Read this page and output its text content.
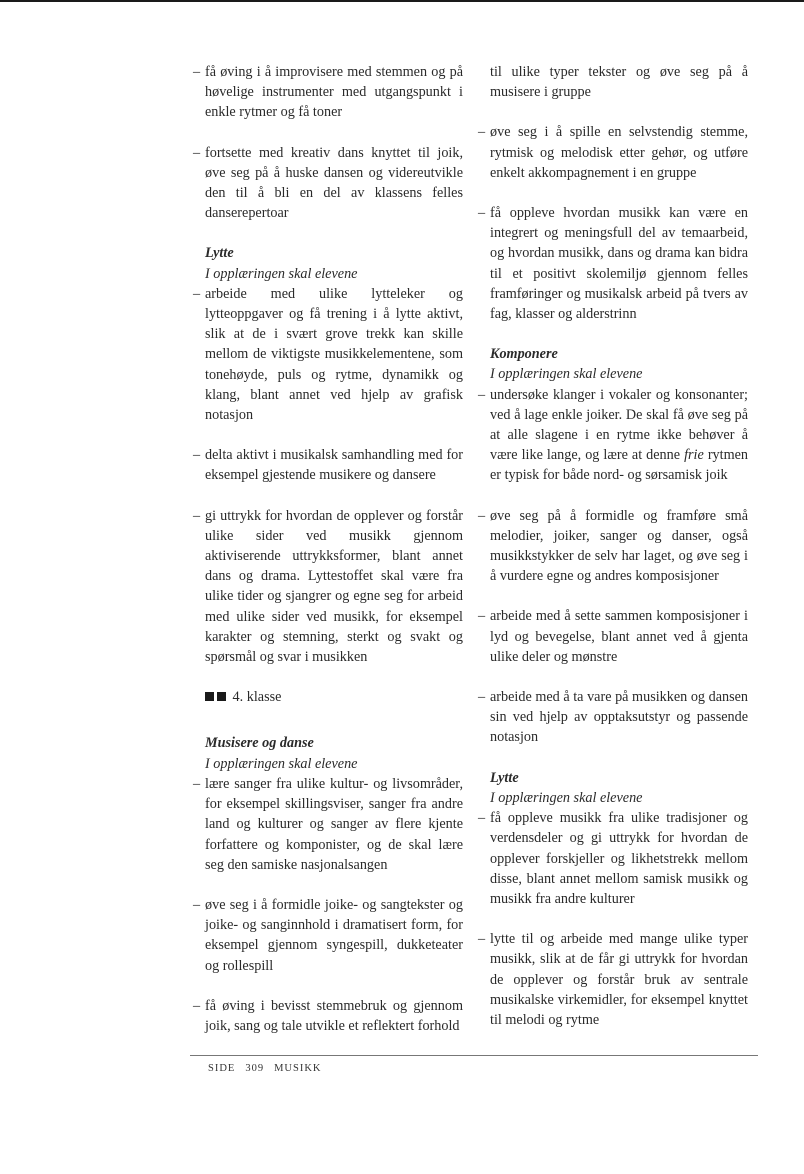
– få øving i å improvisere med stemmen og på høvelige instrumenter med utgangspunkt i enkle rytmer og få toner
– fortsette med kreativ dans knyttet til joik, øve seg på å huske dansen og videreutvikle den til å bli en del av klassens felles danserepertoar
Lytte
I opplæringen skal elevene
– arbeide med ulike lytteleker og lytteoppgaver og få trening i å lytte aktivt, slik at de i svært grove trekk kan skille mellom de viktigste musikkelementene, som tonehøyde, puls og rytme, dynamikk og klang, blant annet ved hjelp av grafisk notasjon
– delta aktivt i musikalsk samhandling med for eksempel gjestende musikere og dansere
– gi uttrykk for hvordan de opplever og forstår ulike sider ved musikk gjennom aktiviserende uttrykksformer, blant annet dans og drama. Lyttestoffet skal være fra ulike tider og sjangrer og egne seg for arbeid med ulike sider ved musikk, for eksempel karakter og stemning, sterkt og svakt og spørsmål og svar i musikken
4. klasse
Musisere og danse
I opplæringen skal elevene
– lære sanger fra ulike kultur- og livsområder, for eksempel skillingsviser, sanger fra andre land og kulturer og sanger av flere kjente forfattere og komponister, og de skal lære seg den samiske nasjonalsangen
– øve seg i å formidle joike- og sangtekster og joike- og sanginnhold i dramatisert form, for eksempel gjennom syngespill, dukketeater og rollespill
– få øving i bevisst stemmebruk og gjennom joik, sang og tale utvikle et reflektert forhold
til ulike typer tekster og øve seg på å musisere i gruppe
– øve seg i å spille en selvstendig stemme, rytmisk og melodisk etter gehør, og utføre enkelt akkompagnement i en gruppe
– få oppleve hvordan musikk kan være en integrert og meningsfull del av temaarbeid, og hvordan musikk, dans og drama kan bidra til et positivt skolemiljø gjennom felles framføringer og musikalsk arbeid på tvers av fag, klasser og alderstrinn
Komponere
I opplæringen skal elevene
– undersøke klanger i vokaler og konsonanter; ved å lage enkle joiker. De skal få øve seg på at alle slagene i en rytme ikke behøver å være like lange, og lære at denne frie rytmen er typisk for både nord- og sørsamisk joik
– øve seg på å formidle og framføre små melodier, joiker, sanger og danser, også musikkstykker de selv har laget, og øve seg i å vurdere egne og andres komposisjoner
– arbeide med å sette sammen komposisjoner i lyd og bevegelse, blant annet ved å gjenta ulike deler og mønstre
– arbeide med å ta vare på musikken og dansen sin ved hjelp av opptaksutstyr og passende notasjon
Lytte
I opplæringen skal elevene
– få oppleve musikk fra ulike tradisjoner og verdensdeler og gi uttrykk for hvordan de opplever forskjeller og likhetstrekk mellom disse, blant annet mellom samisk musikk og musikk fra andre kulturer
– lytte til og arbeide med mange ulike typer musikk, slik at de får gi uttrykk for hvordan de opplever og forstår bruk av sentrale musikalske virkemidler, for eksempel knyttet til melodi og rytme
SIDE 309 MUSIKK
